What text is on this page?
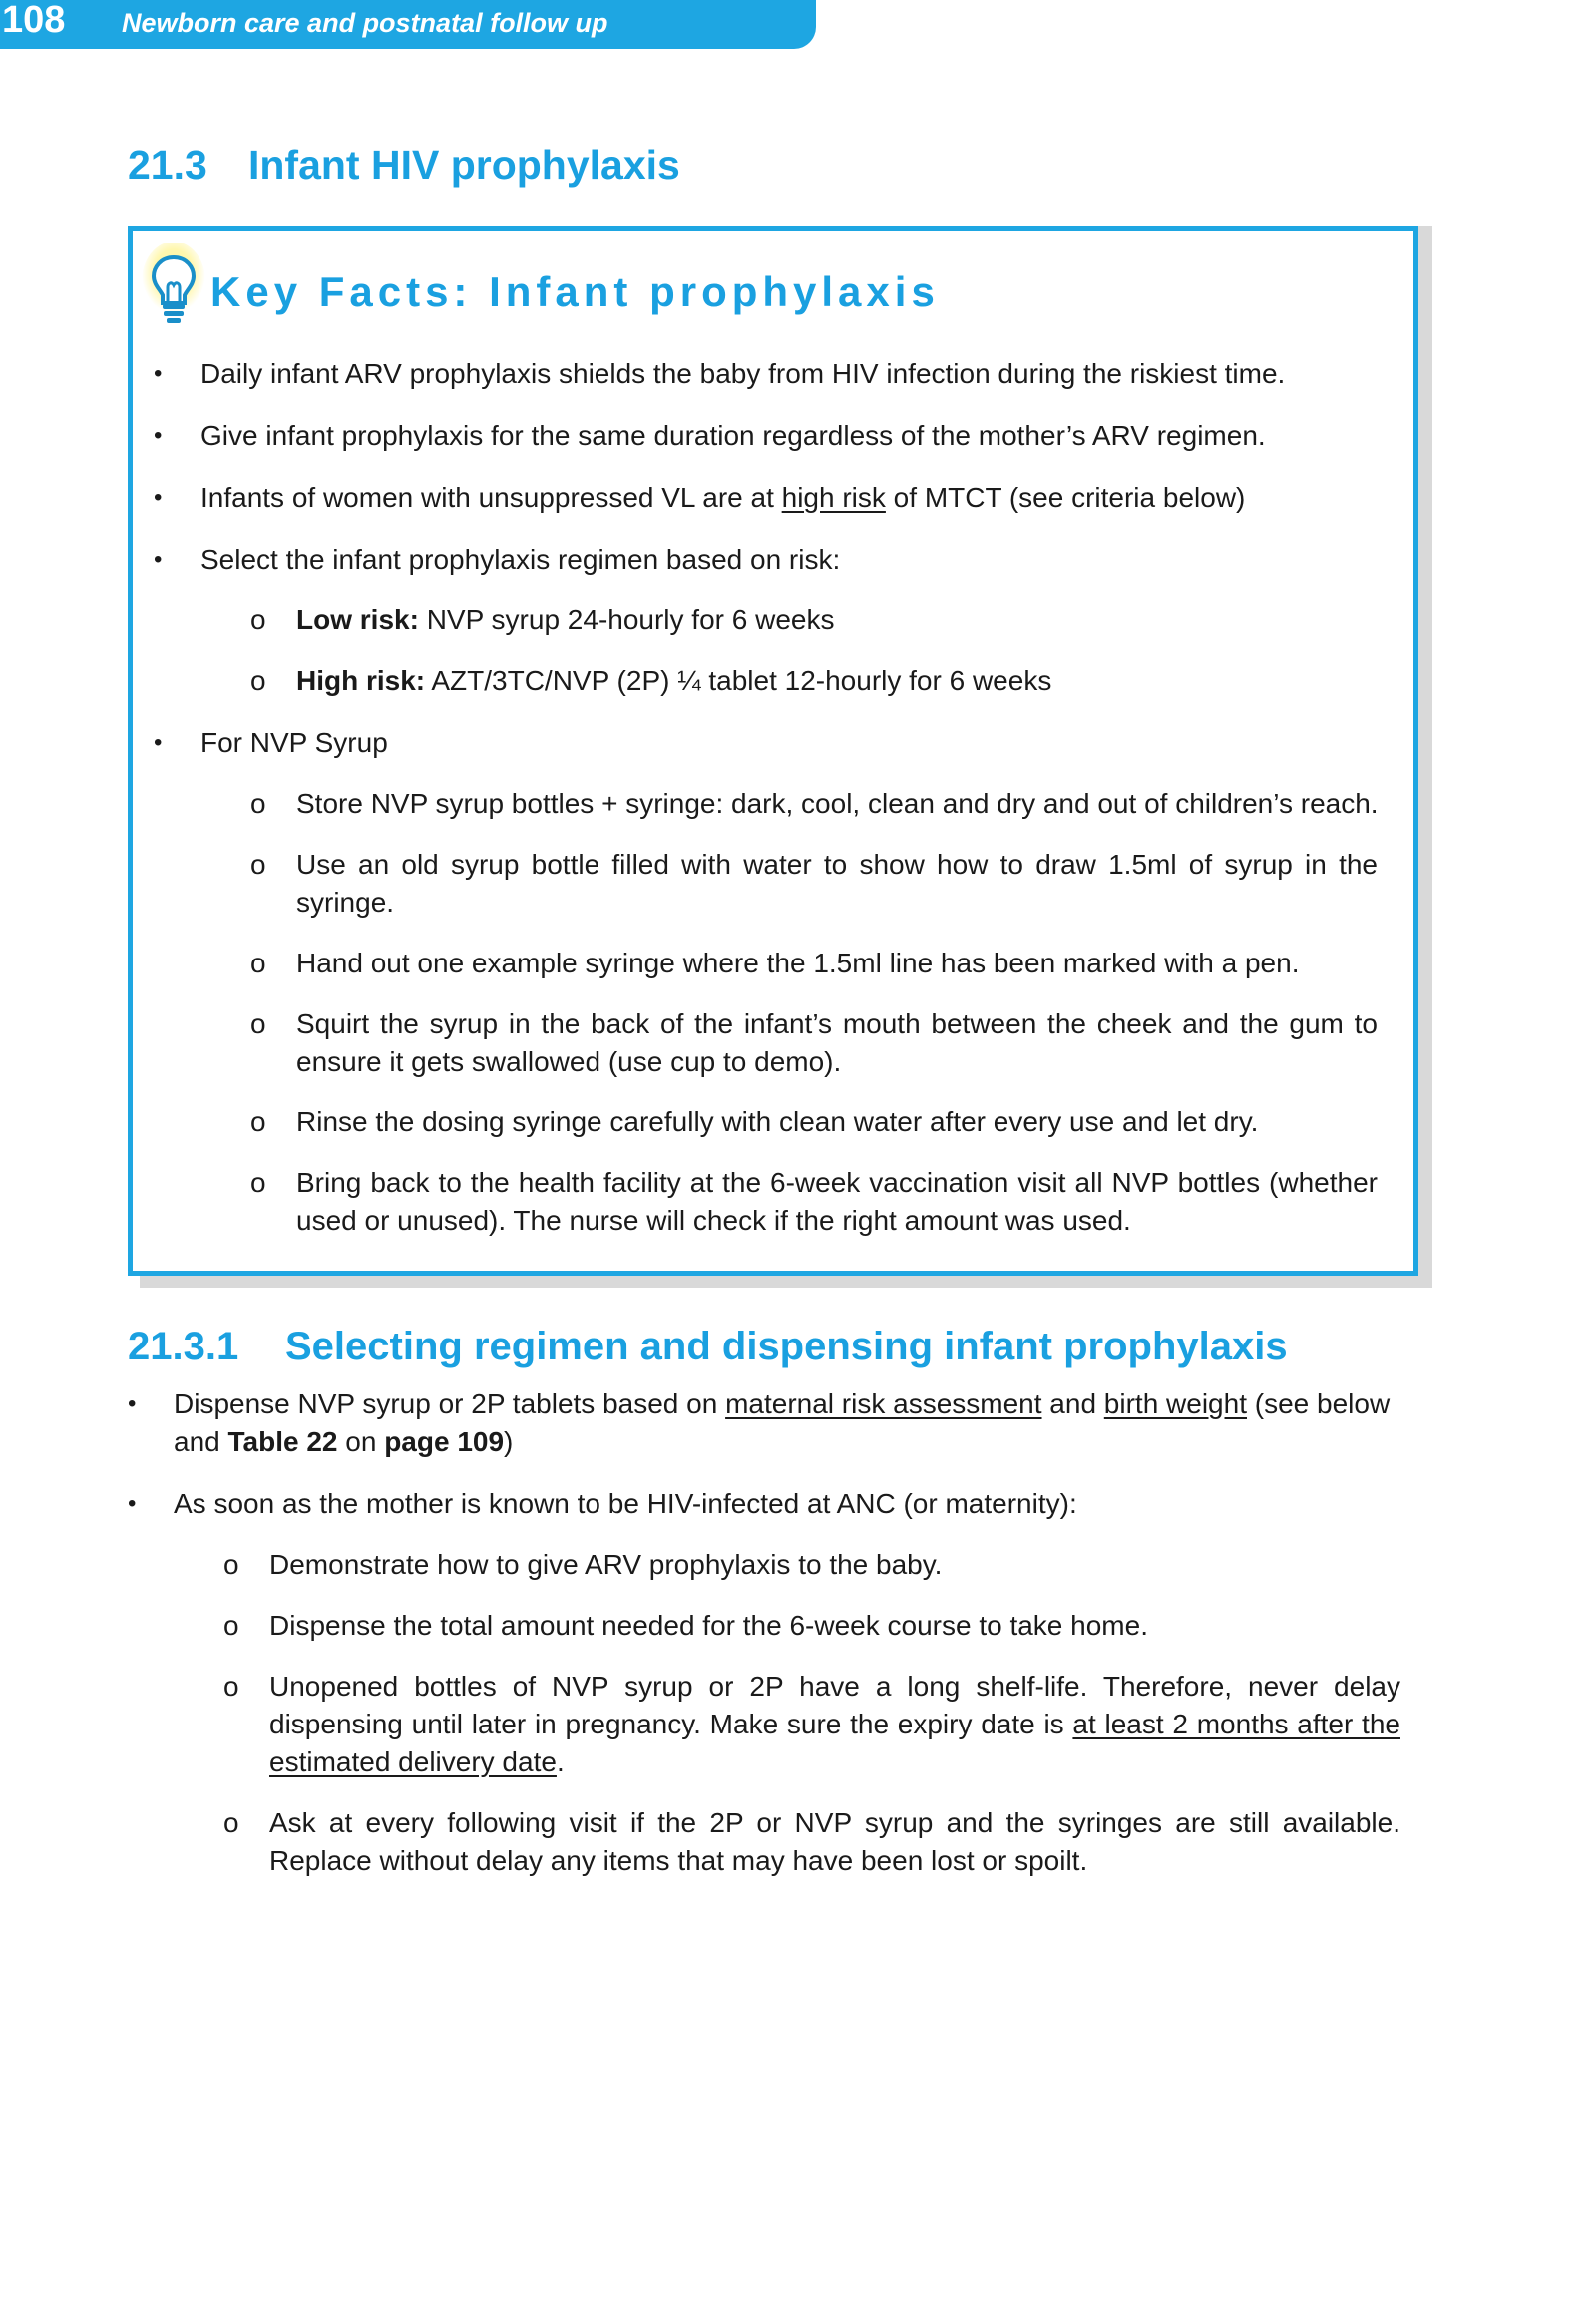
108 Newborn care and postnatal follow up
21.3 Infant HIV prophylaxis
Key Facts: Infant prophylaxis
• Daily infant ARV prophylaxis shields the baby from HIV infection during the riskiest time.
• Give infant prophylaxis for the same duration regardless of the mother’s ARV regimen.
• Infants of women with unsuppressed VL are at high risk of MTCT (see criteria below)
• Select the infant prophylaxis regimen based on risk:
o Low risk: NVP syrup 24-hourly for 6 weeks
o High risk: AZT/3TC/NVP (2P) ¼ tablet 12-hourly for 6 weeks
• For NVP Syrup
o Store NVP syrup bottles + syringe: dark, cool, clean and dry and out of children’s reach.
o Use an old syrup bottle filled with water to show how to draw 1.5ml of syrup in the syringe.
o Hand out one example syringe where the 1.5ml line has been marked with a pen.
o Squirt the syrup in the back of the infant’s mouth between the cheek and the gum to ensure it gets swallowed (use cup to demo).
o Rinse the dosing syringe carefully with clean water after every use and let dry.
o Bring back to the health facility at the 6-week vaccination visit all NVP bottles (whether used or unused). The nurse will check if the right amount was used.
21.3.1 Selecting regimen and dispensing infant prophylaxis
• Dispense NVP syrup or 2P tablets based on maternal risk assessment and birth weight (see below and Table 22 on page 109)
• As soon as the mother is known to be HIV-infected at ANC (or maternity):
o Demonstrate how to give ARV prophylaxis to the baby.
o Dispense the total amount needed for the 6-week course to take home.
o Unopened bottles of NVP syrup or 2P have a long shelf-life. Therefore, never delay dispensing until later in pregnancy. Make sure the expiry date is at least 2 months after the estimated delivery date.
o Ask at every following visit if the 2P or NVP syrup and the syringes are still available. Replace without delay any items that may have been lost or spoilt.
